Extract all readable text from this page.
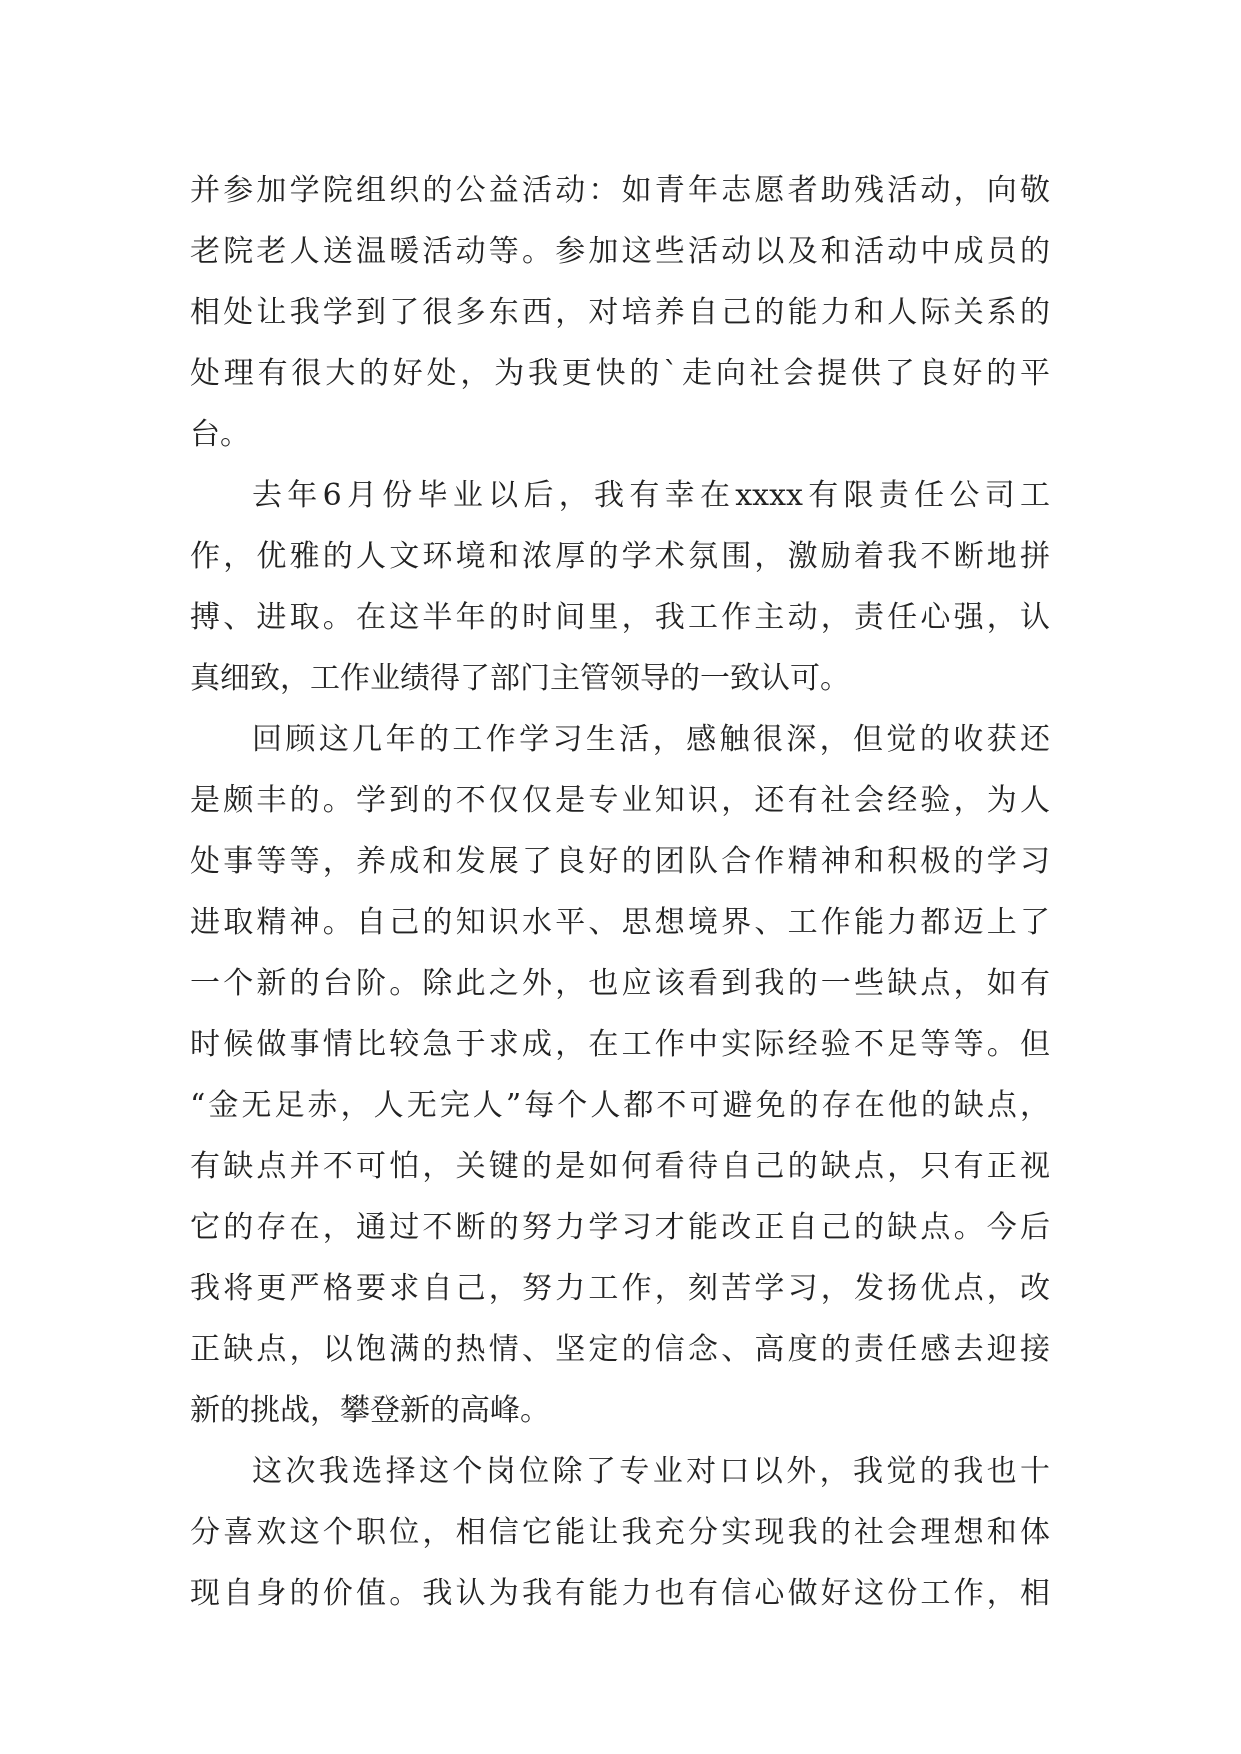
并参加学院组织的公益活动：如青年志愿者助残活动，向敬
老院老人送温暖活动等。参加这些活动以及和活动中成员的
相处让我学到了很多东西，对培养自己的能力和人际关系的
处理有很大的好处，为我更快的`走向社会提供了良好的平
台。
去年6月份毕业以后，我有幸在xxxx有限责任公司工
作，优雅的人文环境和浓厚的学术氛围，激励着我不断地拼
搏、进取。在这半年的时间里，我工作主动，责任心强，认
真细致，工作业绩得了部门主管领导的一致认可。
回顾这几年的工作学习生活，感触很深，但觉的收获还
是颇丰的。学到的不仅仅是专业知识，还有社会经验，为人
处事等等，养成和发展了良好的团队合作精神和积极的学习
进取精神。自己的知识水平、思想境界、工作能力都迈上了
一个新的台阶。除此之外，也应该看到我的一些缺点，如有
时候做事情比较急于求成，在工作中实际经验不足等等。但
“金无足赤，人无完人”每个人都不可避免的存在他的缺点，
有缺点并不可怕，关键的是如何看待自己的缺点，只有正视
它的存在，通过不断的努力学习才能改正自己的缺点。今后
我将更严格要求自己，努力工作，刻苦学习，发扬优点，改
正缺点，以饱满的热情、坚定的信念、高度的责任感去迎接
新的挑战，攀登新的高峰。
这次我选择这个岗位除了专业对口以外，我觉的我也十
分喜欢这个职位，相信它能让我充分实现我的社会理想和体
现自身的价值。我认为我有能力也有信心做好这份工作，相
